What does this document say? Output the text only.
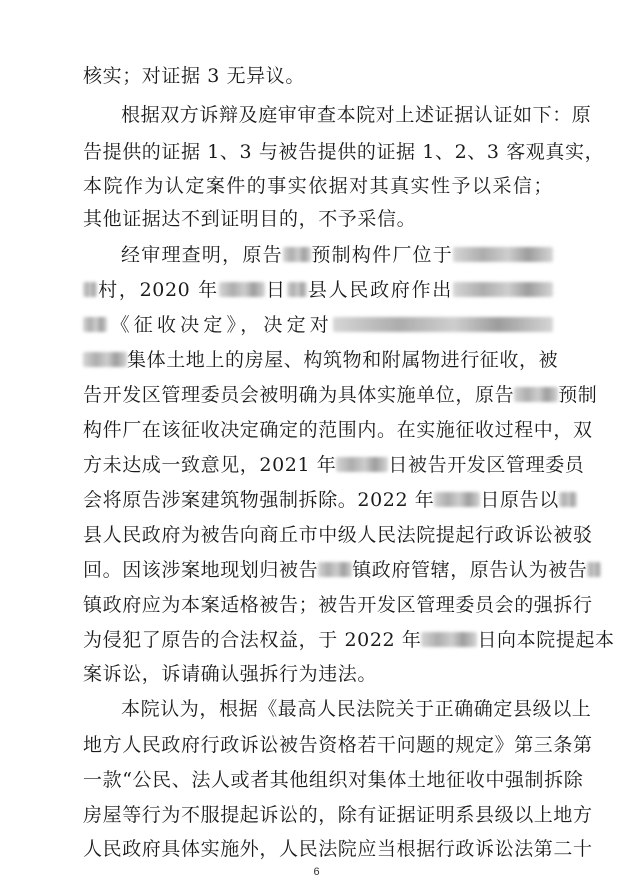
核实；对证据 3 无异议。
根据双方诉辩及庭审审查本院对上述证据认证如下：原
告提供的证据 1、3 与被告提供的证据 1、2、3 客观真实，
本院作为认定案件的事实依据对其真实性予以采信；
其他证据达不到证明目的，不予采信。
经审理查明，原告 预制构件厂位于
村，2020 年 日 县人民政府作出
《征收决定》，决定对
集体土地上的房屋、构筑物和附属物进行征收，被
告开发区管理委员会被明确为具体实施单位，原告 预制
构件厂在该征收决定确定的范围内。在实施征收过程中，双
方未达成一致意见，2021 年	日被告开发区管理委员
会将原告涉案建筑物强制拆除。2022 年 日原告以
县人民政府为被告向商丘市中级人民法院提起行政诉讼被驳
回。因该涉案地现划归被告 镇政府管辖，原告认为被告
镇政府应为本案适格被告；被告开发区管理委员会的强拆行
为侵犯了原告的合法权益，于 2022 年	日向本院提起本
案诉讼，诉请确认强拆行为违法。
本院认为，根据《最高人民法院关于正确确定县级以上
地方人民政府行政诉讼被告资格若干问题的规定》第三条第
一款“公民、法人或者其他组织对集体土地征收中强制拆除
房屋等行为不服提起诉讼的，除有证据证明系县级以上地方
人民政府具体实施外，人民法院应当根据行政诉讼法第二十
6
